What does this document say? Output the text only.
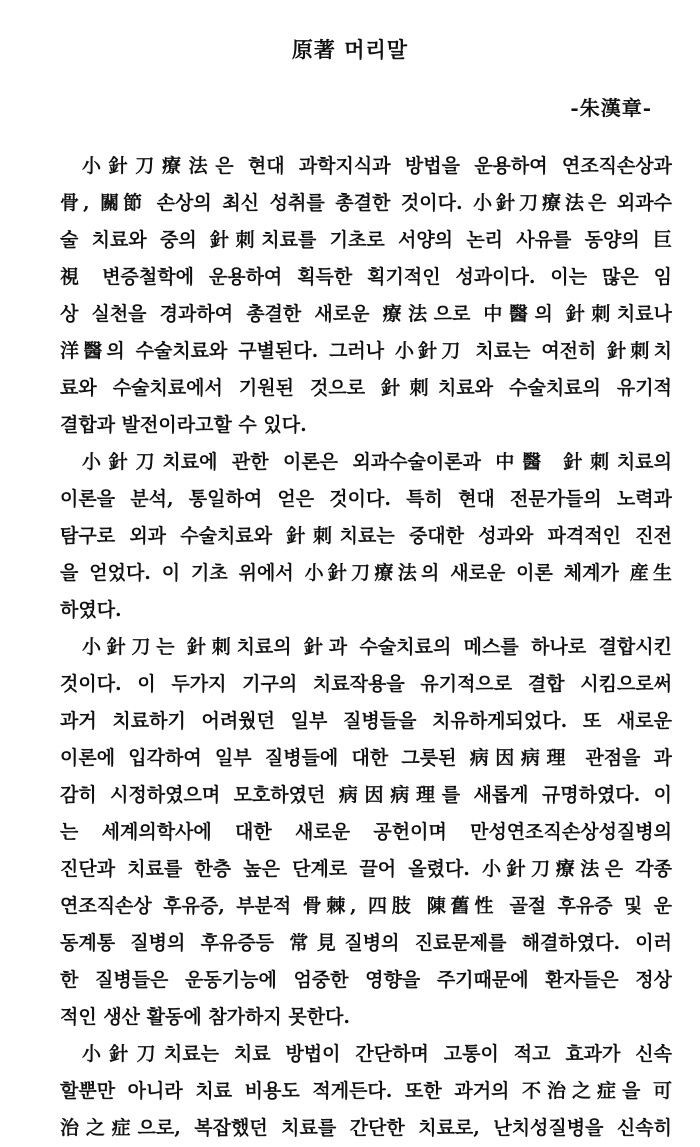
原著 머리말
-朱漢章-
小針刀療法은 현대 과학지식과 방법을 운용하여 연조직손상과
骨, 關節 손상의 최신 성취를 총결한 것이다. 小針刀療法은 외과수
술 치료와 중의 針刺치료를 기초로 서양의 논리 사유를 동양의 巨
視 변증철학에 운용하여 획득한 획기적인 성과이다. 이는 많은 임
상 실천을 경과하여 총결한 새로운 療法으로 中醫의 針刺치료나
洋醫의 수술치료와 구별된다. 그러나 小針刀 치료는 여전히 針刺치
료와 수술치료에서 기원된 것으로 針刺치료와 수술치료의 유기적
결합과 발전이라고할 수 있다.
小針刀치료에 관한 이론은 외과수술이론과 中醫 針刺치료의
이론을 분석, 통일하여 얻은 것이다. 특히 현대 전문가들의 노력과
탐구로 외과 수술치료와 針刺치료는 중대한 성과와 파격적인 진전
을 얻었다. 이 기초 위에서 小針刀療法의 새로운 이론 체계가 産生
하였다.
小針刀는 針刺치료의 針과 수술치료의 메스를 하나로 결합시킨
것이다. 이 두가지 기구의 치료작용을 유기적으로 결합 시킴으로써
과거 치료하기 어려웠던 일부 질병들을 치유하게되었다. 또 새로운
이론에 입각하여 일부 질병들에 대한 그릇된 病因病理 관점을 과
감히 시정하였으며 모호하였던 病因病理를 새롭게 규명하였다. 이
는 세계의학사에 대한 새로운 공헌이며 만성연조직손상성질병의
진단과 치료를 한층 높은 단계로 끌어 올렸다. 小針刀療法은 각종
연조직손상 후유증, 부분적 骨棘, 四肢 陳舊性 골절 후유증 및 운
동계통 질병의 후유증등 常見질병의 진료문제를 해결하였다. 이러
한 질병들은 운동기능에 엄중한 영향을 주기때문에 환자들은 정상
적인 생산 활동에 참가하지 못한다.
小針刀치료는 치료 방법이 간단하며 고통이 적고 효과가 신속
할뿐만 아니라 치료 비용도 적게든다. 또한 과거의 不治之症을 可
治之症으로, 복잡했던 치료를 간단한 치료로, 난치성질병을 신속히
